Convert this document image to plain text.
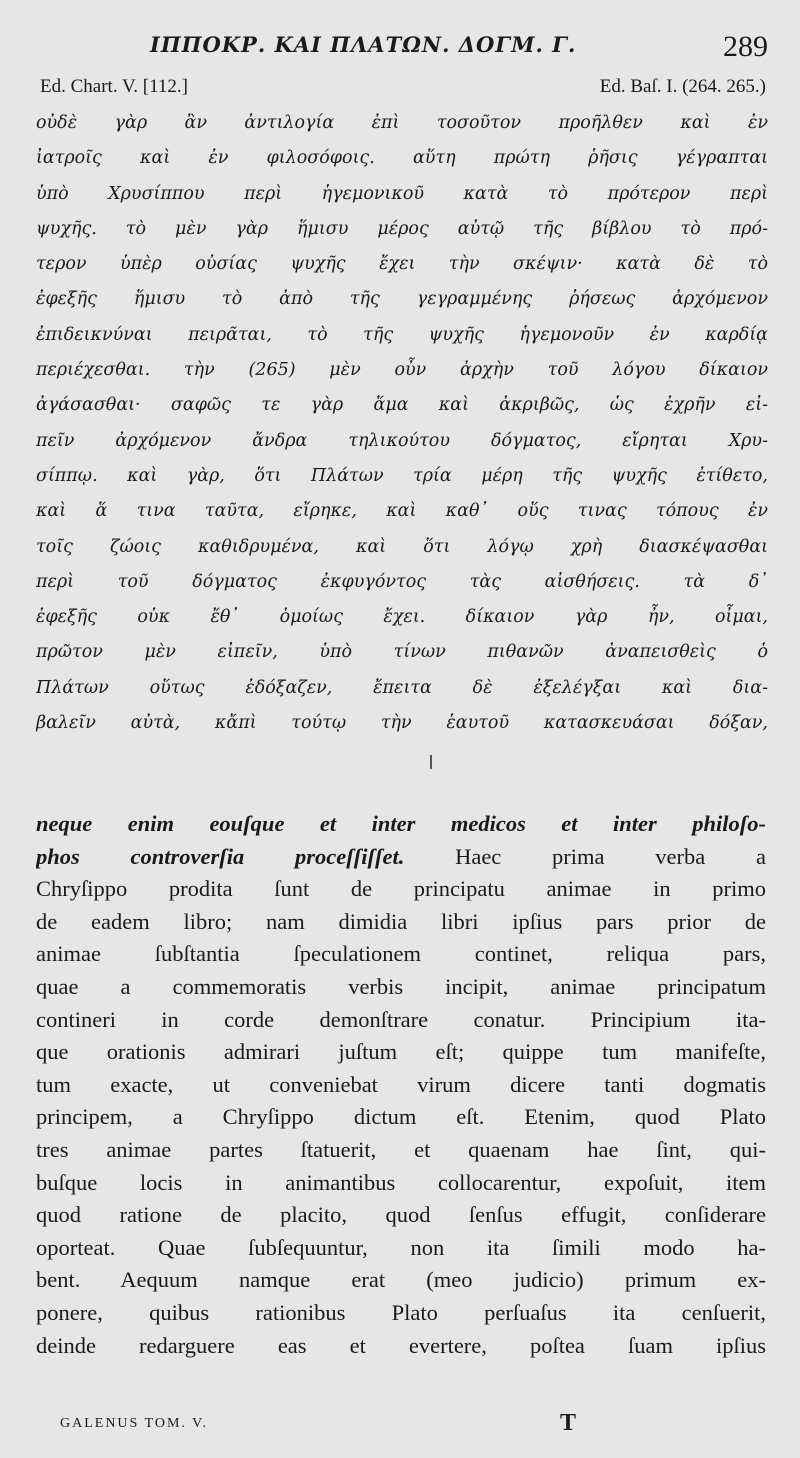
ΙΠΠΟΚΡ. ΚΑΙ ΠΛΑΤΩΝ. ΔΟΓΜ. Γ.	289
Ed. Chart. V. [112.]	Ed. Baſ. I. (264. 265.)
οὐδὲ γὰρ ἂν ἀντιλογία ἐπὶ τοσοῦτον προῆλθεν καὶ ἐν
ἰατροῖς καὶ ἐν φιλοσόφοις. αὕτη πρώτη ῥῆσις γέγραπται
ὑπὸ Χρυσίππου περὶ ἡγεμονικοῦ κατὰ τὸ πρότερον περὶ
ψυχῆς. τὸ μὲν γὰρ ἥμισυ μέρος αὐτῷ τῆς βίβλου τὸ πρό-
τερον ὑπὲρ οὐσίας ψυχῆς ἔχει τὴν σκέψιν· κατὰ δὲ τὸ
ἐφεξῆς ἥμισυ τὸ ἀπὸ τῆς γεγραμμένης ῥήσεως ἀρχόμενον
ἐπιδεικνύναι πειρᾶται, τὸ τῆς ψυχῆς ἡγεμονοῦν ἐν καρδίᾳ
περιέχεσθαι. τὴν (265) μὲν οὖν ἀρχὴν τοῦ λόγου δίκαιον
ἀγάσασθαι· σαφῶς τε γὰρ ἅμα καὶ ἀκριβῶς, ὡς ἐχρῆν εἰ-
πεῖν ἀρχόμενον ἄνδρα τηλικούτου δόγματος, εἴρηται Χρυ-
σίππῳ. καὶ γὰρ, ὅτι Πλάτων τρία μέρη τῆς ψυχῆς ἐτίθετο,
καὶ ἅ τινα ταῦτα, εἴρηκε, καὶ καθ᾽ οὕς τινας τόπους ἐν
τοῖς ζώοις καθιδρυμένα, καὶ ὅτι λόγῳ χρὴ διασκέψασθαι
περὶ τοῦ δόγματος ἐκφυγόντος τὰς αἰσθήσεις. τὰ δ᾽
ἐφεξῆς οὐκ ἔθ᾽ ὁμοίως ἔχει. δίκαιον γὰρ ἦν, οἶμαι,
πρῶτον μὲν εἰπεῖν, ὑπὸ τίνων πιθανῶν ἀναπεισθεὶς ὁ
Πλάτων οὕτως ἐδόξαζεν, ἔπειτα δὲ ἐξελέγξαι καὶ δια-
βαλεῖν αὐτὰ, κἄπὶ τούτῳ τὴν ἑαυτοῦ κατασκευάσαι δόξαν,
neque enim eouſque et inter medicos et inter philoſo-
phos controverſia proceſſiſſet. Haec prima verba a
Chryſippo prodita ſunt de principatu animae in primo
de eadem libro; nam dimidia libri ipſius pars prior de
animae ſubſtantia ſpeculationem continet, reliqua pars,
quae a commemoratis verbis incipit, animae principatum
contineri in corde demonſtrare conatur. Principium ita-
que orationis admirari juſtum eſt; quippe tum manifeſte,
tum exacte, ut conveniebat virum dicere tanti dogmatis
principem, a Chryſippo dictum eſt. Etenim, quod Plato
tres animae partes ſtatuerit, et quaenam hae ſint, qui-
buſque locis in animantibus collocarentur, expoſuit, item
quod ratione de placito, quod ſenſus effugit, conſiderare
oporteat. Quae ſubſequuntur, non ita ſimili modo ha-
bent. Aequum namque erat (meo judicio) primum ex-
ponere, quibus rationibus Plato perſuaſus ita cenſuerit,
deinde redarguere eas et evertere, poſtea ſuam ipſius
GALENUS TOM. V.	T
